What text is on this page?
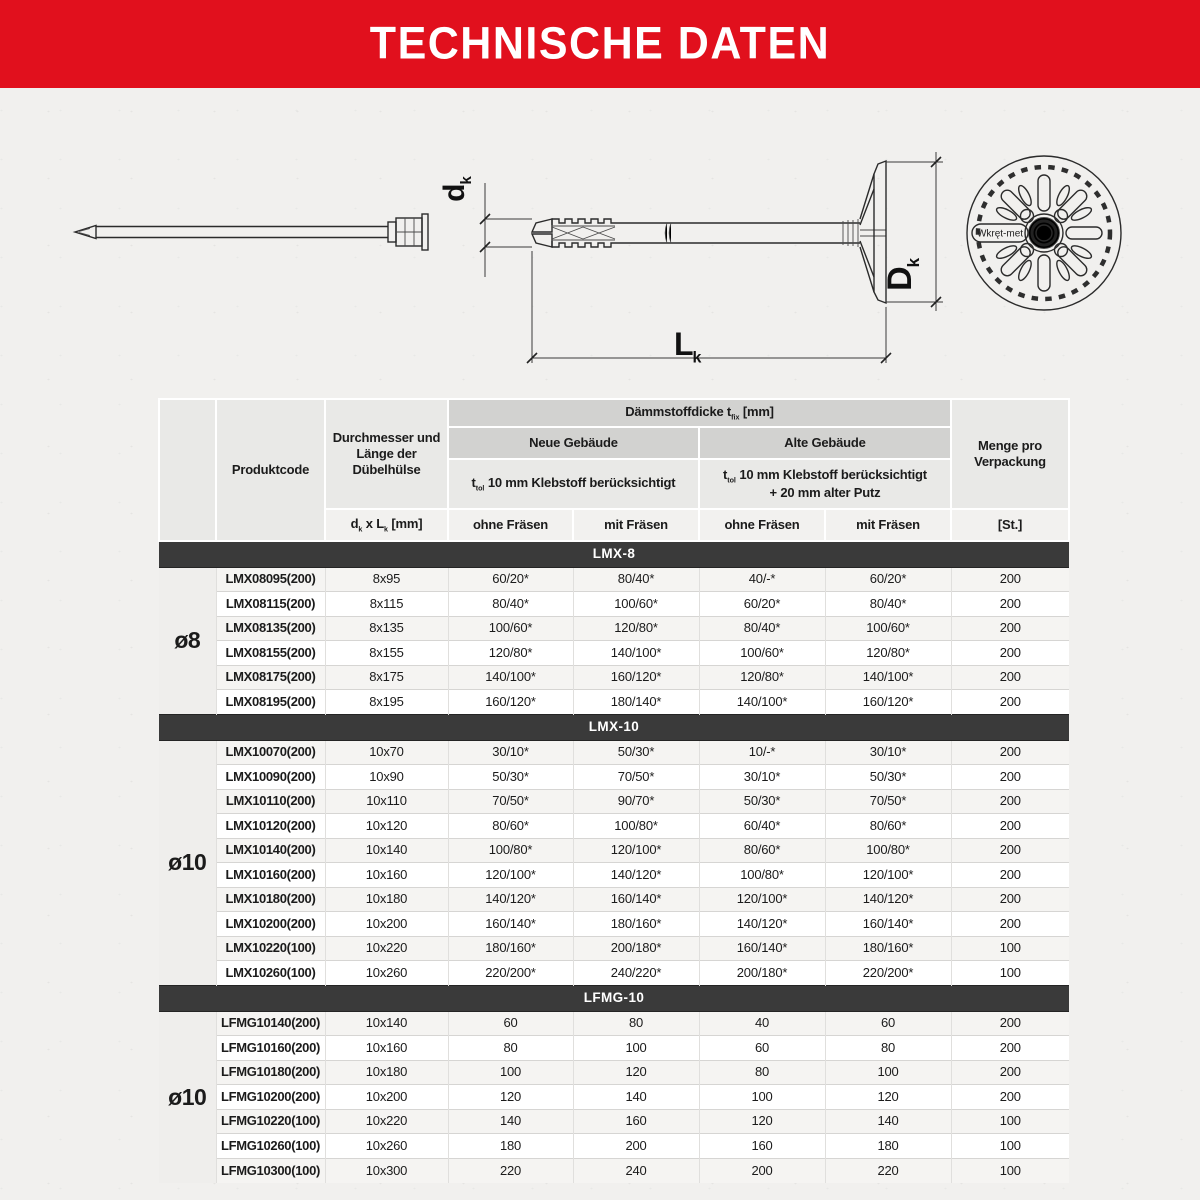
TECHNISCHE DATEN
Wkręt-met
$d_k$
$D_k$
$L_k$
	Produktcode	Durchmesser und Länge der Dübelhülse	Dämmstoffdicke $t_{fix}$ [mm]				Menge pro Verpackung
			Neue Gebäude		Alte Gebäude		
			$t_{tol}$ 10 mm Klebstoff berücksichtigt		$t_{tol}$ 10 mm Klebstoff berücksichtigt
+ 20 mm alter Putz		
		$d_k$ x $L_k$ [mm]	ohne Fräsen	mit Fräsen	ohne Fräsen	mit Fräsen	[St.]
LMX-8							
ø8	LMX08095(200)	8x95	60/20*	80/40*	40/-*	60/20*	200
	LMX08115(200)	8x115	80/40*	100/60*	60/20*	80/40*	200
	LMX08135(200)	8x135	100/60*	120/80*	80/40*	100/60*	200
	LMX08155(200)	8x155	120/80*	140/100*	100/60*	120/80*	200
	LMX08175(200)	8x175	140/100*	160/120*	120/80*	140/100*	200
	LMX08195(200)	8x195	160/120*	180/140*	140/100*	160/120*	200
LMX-10							
ø10	LMX10070(200)	10x70	30/10*	50/30*	10/-*	30/10*	200
	LMX10090(200)	10x90	50/30*	70/50*	30/10*	50/30*	200
	LMX10110(200)	10x110	70/50*	90/70*	50/30*	70/50*	200
	LMX10120(200)	10x120	80/60*	100/80*	60/40*	80/60*	200
	LMX10140(200)	10x140	100/80*	120/100*	80/60*	100/80*	200
	LMX10160(200)	10x160	120/100*	140/120*	100/80*	120/100*	200
	LMX10180(200)	10x180	140/120*	160/140*	120/100*	140/120*	200
	LMX10200(200)	10x200	160/140*	180/160*	140/120*	160/140*	200
	LMX10220(100)	10x220	180/160*	200/180*	160/140*	180/160*	100
	LMX10260(100)	10x260	220/200*	240/220*	200/180*	220/200*	100
LFMG-10							
ø10	LFMG10140(200)	10x140	60	80	40	60	200
	LFMG10160(200)	10x160	80	100	60	80	200
	LFMG10180(200)	10x180	100	120	80	100	200
	LFMG10200(200)	10x200	120	140	100	120	200
	LFMG10220(100)	10x220	140	160	120	140	100
	LFMG10260(100)	10x260	180	200	160	180	100
	LFMG10300(100)	10x300	220	240	200	220	100
